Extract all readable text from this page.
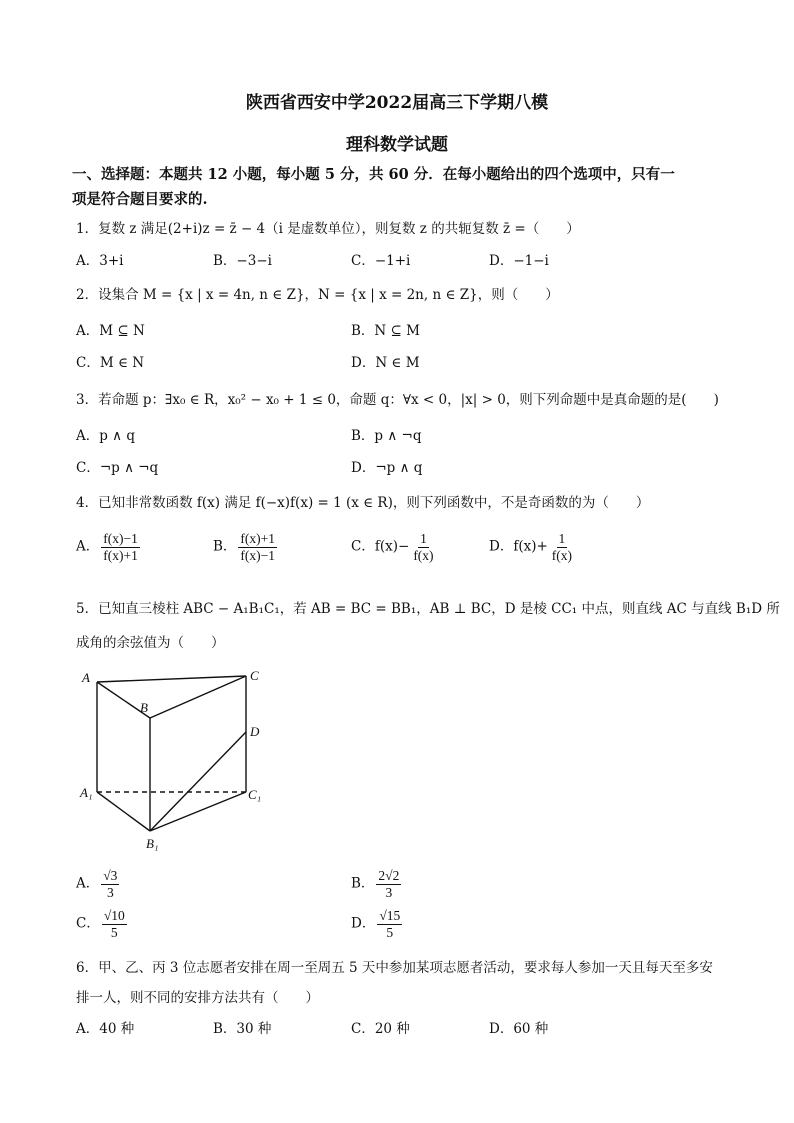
陕西省西安中学2022届高三下学期八模
理科数学试题
一、选择题：本题共 12 小题，每小题 5 分，共 60 分．在每小题给出的四个选项中，只有一
项是符合题目要求的.
1．复数 z 满足(2+i)z = z̄ − 4（i 是虚数单位），则复数 z 的共轭复数 z̄ =（　　）
A．3+i	B．−3−i	C．−1+i	D．−1−i
2．设集合 M = {x | x = 4n, n ∈ Z}，N = {x | x = 2n, n ∈ Z}，则（　　）
A．M ⊆ N	B．N ⊆ M
C．M ∈ N	D．N ∈ M
3．若命题 p：∃x₀ ∈ R，x₀² − x₀ + 1 ≤ 0，命题 q：∀x < 0，|x| > 0，则下列命题中是真命题的是(　　)
A．p ∧ q	B．p ∧ ¬q
C．¬p ∧ ¬q	D．¬p ∧ q
4．已知非常数函数 f(x) 满足 f(−x)f(x) = 1 (x ∈ R)，则下列函数中，不是奇函数的为（　　）
A． $\frac{f(x)-1}{f(x)+1}$	B． $\frac{f(x)+1}{f(x)-1}$	C．$f(x)- \frac{1}{f(x)}$	D．$f(x)+ \frac{1}{f(x)}$
5．已知直三棱柱 ABC − A₁B₁C₁，若 AB = BC = BB₁，AB ⊥ BC，D 是棱 CC₁ 中点，则直线 AC 与直线 B₁D 所
成角的余弦值为（　　）
A
B
C
D
A₁	C₁
B₁
A． $\frac{√3}{3}$	B． $\frac{2√2}{3}$
C． $\frac{√10}{5}$	D． $\frac{√15}{5}$
6．甲、乙、丙 3 位志愿者安排在周一至周五 5 天中参加某项志愿者活动，要求每人参加一天且每天至多安
排一人，则不同的安排方法共有（　　）
A．40 种	B．30 种	C．20 种	D．60 种
